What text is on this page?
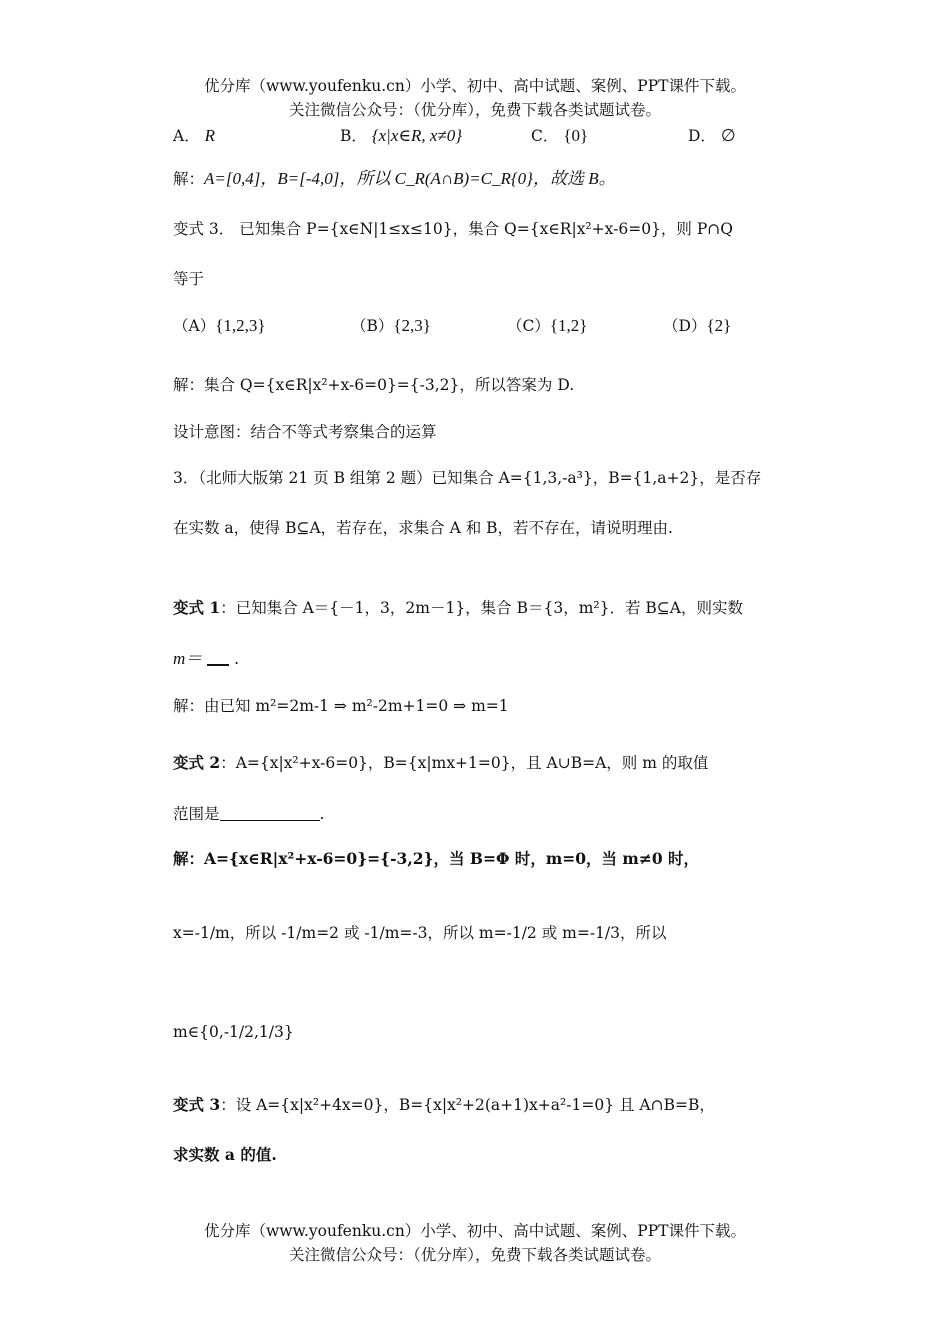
优分库（www.youfenku.cn）小学、初中、高中试题、案例、PPT课件下载。
关注微信公众号：（优分库），免费下载各类试题试卷。
A． R	B． {x|x∈R, x≠0}	C． {0}	D． ∅
解：A=[0,4]，B=[-4,0]，所以 C_R(A∩B)=C_R{0}，故选 B。
变式 3． 已知集合 P={x∈N|1≤x≤10}，集合 Q={x∈R|x²+x-6=0}，则 P∩Q
等于
（A）{1,2,3}	（B）{2,3}	（C）{1,2}	（D）{2}
解：集合 Q={x∈R|x²+x-6=0}={-3,2}，所以答案为 D.
设计意图：结合不等式考察集合的运算
3．（北师大版第 21 页 B 组第 2 题）已知集合 A={1,3,-a³}，B={1,a+2}，是否存
在实数 a，使得 B⊆A，若存在，求集合 A 和 B，若不存在，请说明理由.
变式 1：已知集合 A＝{－1，3，2m－1}，集合 B＝{3，m²}．若 B⊆A，则实数
m＝  .
解：由已知 m²=2m-1 ⇒ m²-2m+1=0 ⇒ m=1
变式 2：A={x|x²+x-6=0}，B={x|mx+1=0}，且 A∪B=A，则 m 的取值
范围是	.
解：A={x∈R|x²+x-6=0}={-3,2}，当 B=Φ 时，m=0，当 m≠0 时，
x=-1/m，所以 -1/m=2 或 -1/m=-3，所以 m=-1/2 或 m=-1/3，所以
m∈{0,-1/2,1/3}
变式 3：设 A={x|x²+4x=0}，B={x|x²+2(a+1)x+a²-1=0} 且 A∩B=B，
求实数 a 的值.
优分库（www.youfenku.cn）小学、初中、高中试题、案例、PPT课件下载。
关注微信公众号：（优分库），免费下载各类试题试卷。
